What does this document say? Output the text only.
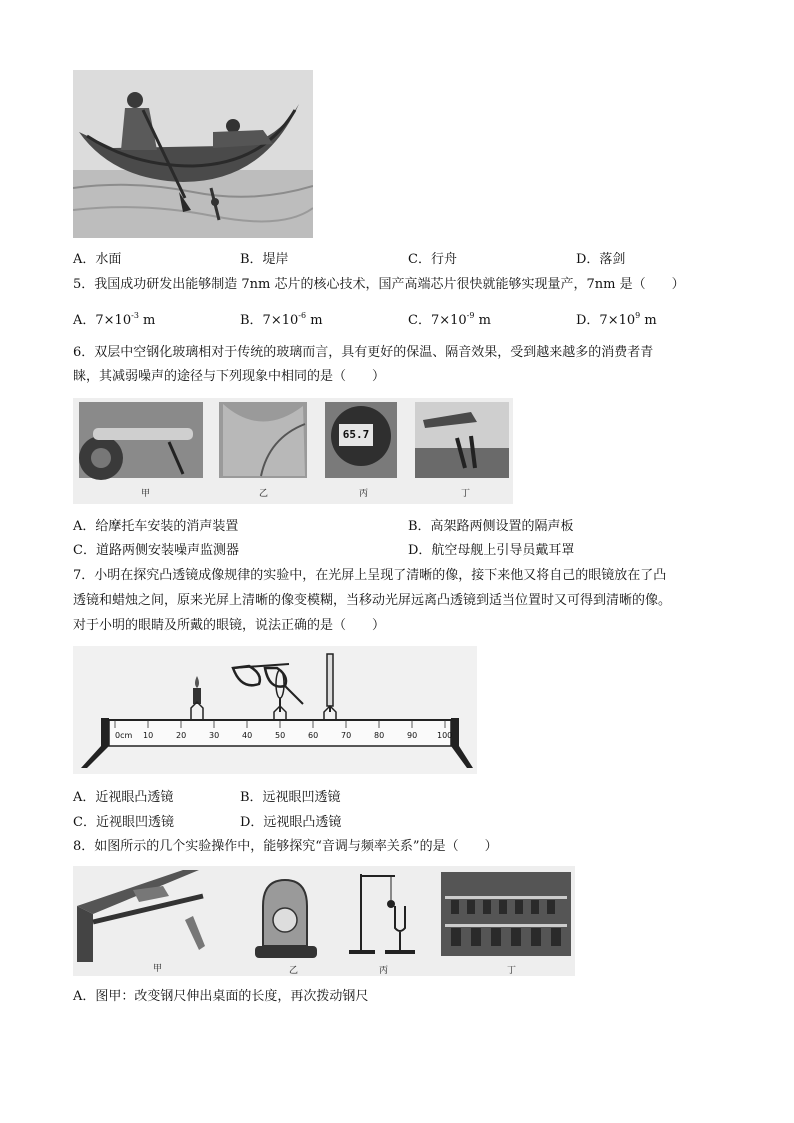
A．水面	B．堤岸	C．行舟	D．落剑
5．我国成功研发出能够制造 7nm 芯片的核心技术，国产高端芯片很快就能够实现量产，7nm 是（　　）
A．$7\times 10^{-3}$ m	B．$7\times 10^{-6}$ m	C．$7\times 10^{-9}$ m	D．$7\times 10^9$ m
6．双层中空钢化玻璃相对于传统的玻璃而言，具有更好的保温、隔音效果，受到越来越多的消费者青
睐，其减弱噪声的途径与下列现象中相同的是（　　）
65.7
甲	乙	丙	丁
A．给摩托车安装的消声装置	B．高架路两侧设置的隔声板
C．道路两侧安装噪声监测器	D．航空母舰上引导员戴耳罩
7．小明在探究凸透镜成像规律的实验中，在光屏上呈现了清晰的像，接下来他又将自己的眼镜放在了凸
透镜和蜡烛之间，原来光屏上清晰的像变模糊，当移动光屏远离凸透镜到适当位置时又可得到清晰的像。
对于小明的眼睛及所戴的眼镜，说法正确的是（　　）
0cm 10	20	30	40	50	60	70	80	90 100
A．近视眼凸透镜	B．远视眼凹透镜
C．近视眼凹透镜	D．远视眼凸透镜
8．如图所示的几个实验操作中，能够探究“音调与频率关系”的是（　　）
甲	乙	丙	丁
A．图甲：改变钢尺伸出桌面的长度，再次拨动钢尺
